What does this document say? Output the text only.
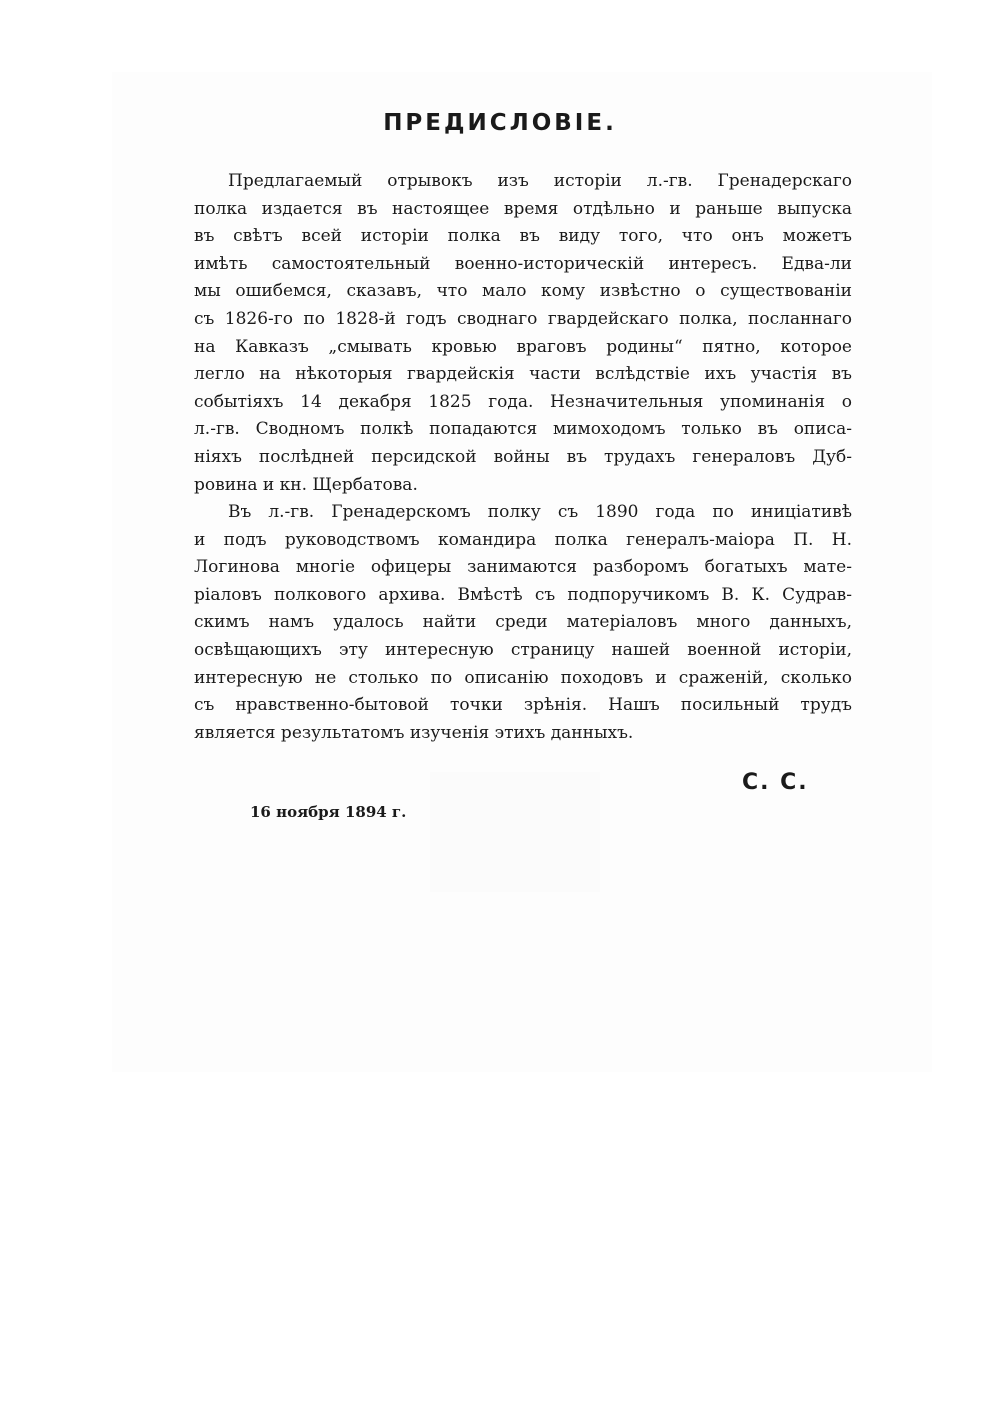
ПРЕДИСЛОВІЕ.
Предлагаемый отрывокъ изъ исторіи л.-гв. Гренадерскаго
полка издается въ настоящее время отдѣльно и раньше выпуска
въ свѣтъ всей исторіи полка въ виду того, что онъ можетъ
имѣть самостоятельный военно-историческій интересъ. Едва-ли
мы ошибемся, сказавъ, что мало кому извѣстно о существованіи
съ 1826-го по 1828-й годъ своднаго гвардейскаго полка, посланнаго
на Кавказъ „смывать кровью враговъ родины“ пятно, которое
легло на нѣкоторыя гвардейскія части вслѣдствіе ихъ участія въ
событіяхъ 14 декабря 1825 года. Незначительныя упоминанія о
л.-гв. Сводномъ полкѣ попадаются мимоходомъ только въ описа-
ніяхъ послѣдней персидской войны въ трудахъ генераловъ Дуб-
ровина и кн. Щербатова.
Въ л.-гв. Гренадерскомъ полку съ 1890 года по иниціативѣ
и подъ руководствомъ командира полка генералъ-маіора П. Н.
Логинова многіе офицеры занимаются разборомъ богатыхъ мате-
ріаловъ полкового архива. Вмѣстѣ съ подпоручикомъ В. К. Судрав-
скимъ намъ удалось найти среди матеріаловъ много данныхъ,
освѣщающихъ эту интересную страницу нашей военной исторіи,
интересную не столько по описанію походовъ и сраженій, сколько
съ нравственно-бытовой точки зрѣнія. Нашъ посильный трудъ
является результатомъ изученія этихъ данныхъ.

С. С.

16 ноября 1894 г.
